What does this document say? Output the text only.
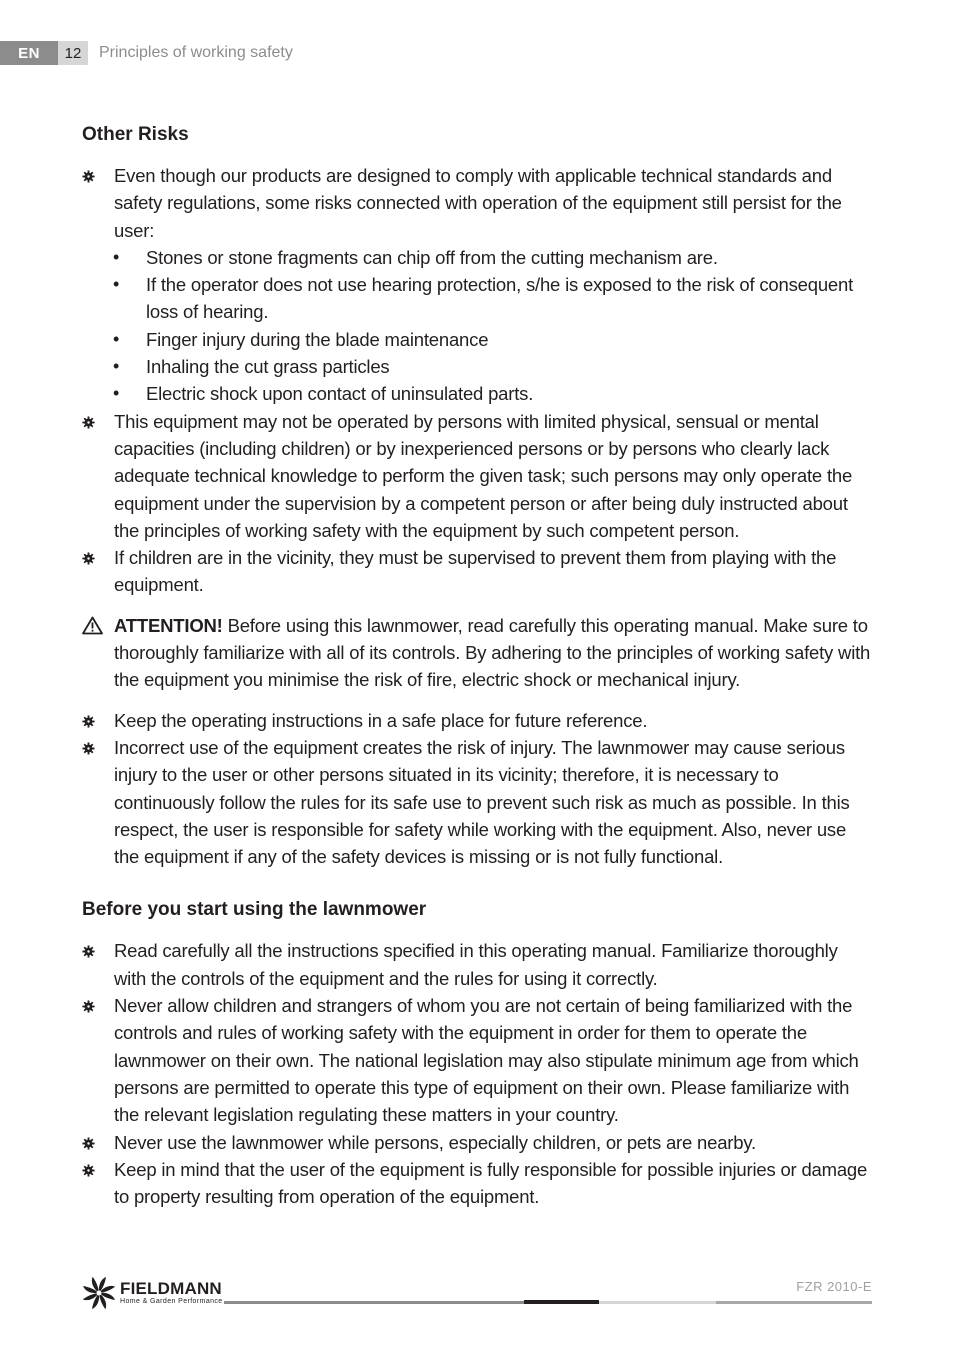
EN	12	Principles of working safety
Other Risks
Even though our products are designed to comply with applicable technical standards and safety regulations, some risks connected with operation of the equipment still persist for the user:
• Stones or stone fragments can chip off from the cutting mechanism are.
• If the operator does not use hearing protection, s/he is exposed to the risk of consequent loss of hearing.
• Finger injury during the blade maintenance
• Inhaling the cut grass particles
• Electric shock upon contact of uninsulated parts.
This equipment may not be operated by persons with limited physical, sensual or mental capacities (including children) or by inexperienced persons or by persons who clearly lack adequate technical knowledge to perform the given task; such persons may only operate the equipment under the supervision by a competent person or after being duly instructed about the principles of working safety with the equipment by such competent person.
If children are in the vicinity, they must be supervised to prevent them from playing with the equipment.
ATTENTION! Before using this lawnmower, read carefully this operating manual. Make sure to thoroughly familiarize with all of its controls. By adhering to the principles of working safety with the equipment you minimise the risk of fire, electric shock or mechanical injury.
Keep the operating instructions in a safe place for future reference.
Incorrect use of the equipment creates the risk of injury. The lawnmower may cause serious injury to the user or other persons situated in its vicinity; therefore, it is necessary to continuously follow the rules for its safe use to prevent such risk as much as possible. In this respect, the user is responsible for safety while working with the equipment. Also, never use the equipment if any of the safety devices is missing or is not fully functional.
Before you start using the lawnmower
Read carefully all the instructions specified in this operating manual. Familiarize thoroughly with the controls of the equipment and the rules for using it correctly.
Never allow children and strangers of whom you are not certain of being familiarized with the controls and rules of working safety with the equipment in order for them to operate the lawnmower on their own. The national legislation may also stipulate minimum age from which persons are permitted to operate this type of equipment on their own. Please familiarize with the relevant legislation regulating these matters in your country.
Never use the lawnmower while persons, especially children, or pets are nearby.
Keep in mind that the user of the equipment is fully responsible for possible injuries or damage to property resulting from operation of the equipment.
FIELDMANN
Home & Garden Performance
FZR 2010-E
